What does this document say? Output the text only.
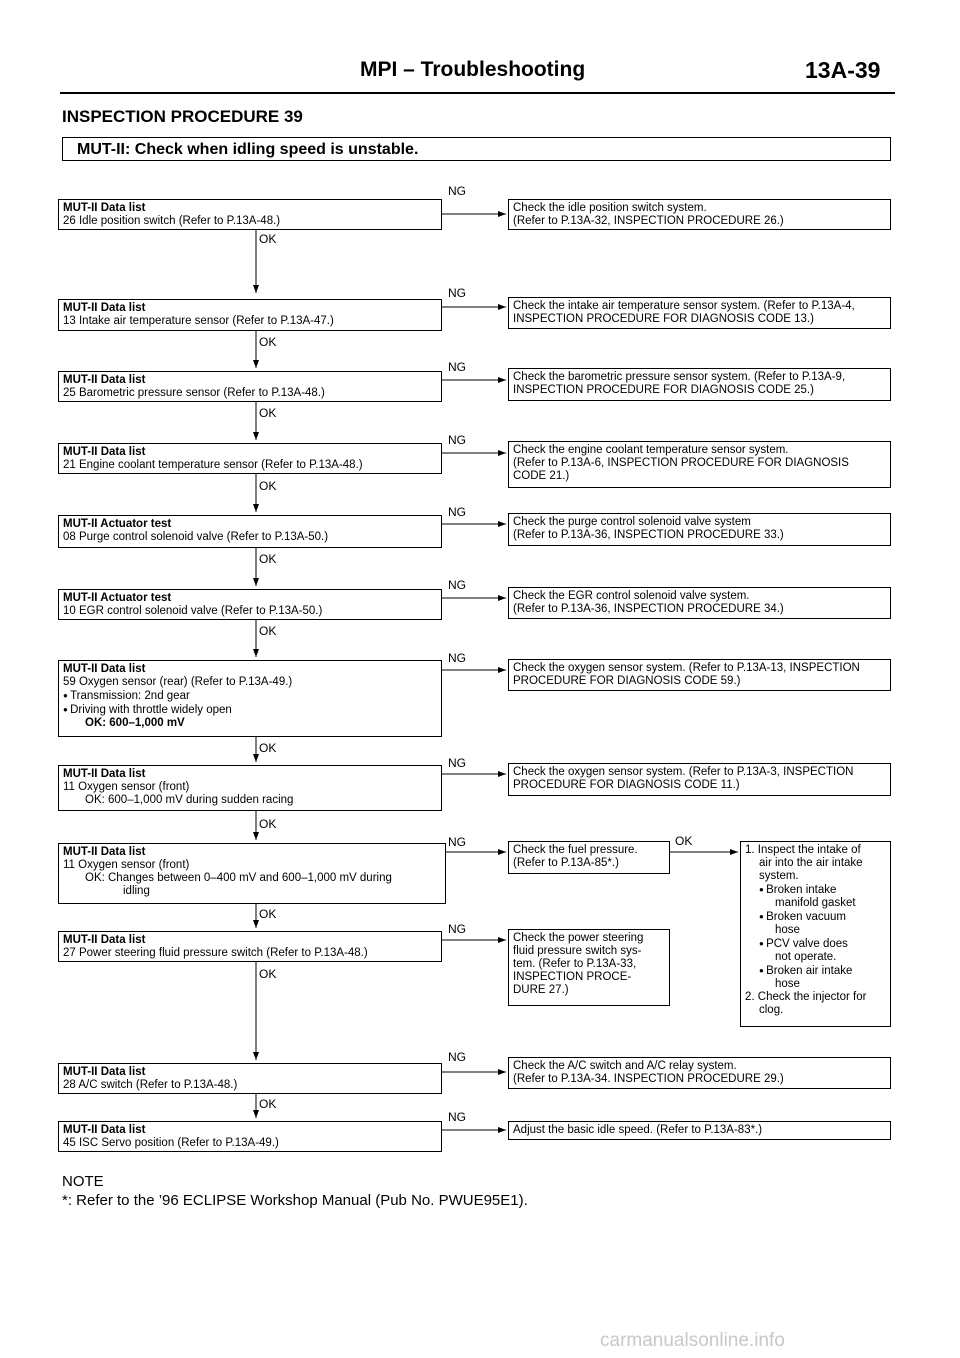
MPI – Troubleshooting	13A-39
INSPECTION PROCEDURE 39
MUT-II: Check when idling speed is unstable.
OK
OK
OK
OK
OK
OK
OK
OK
OK
OK
OK
OK
NG
NG
NG
NG
NG
NG
NG
NG
NG
NG
NG
NG
MUT-II Data list
26 Idle position switch (Refer to P.13A-48.)
MUT-II Data list
13 Intake air temperature sensor (Refer to P.13A-47.)
MUT-II Data list
25 Barometric pressure sensor (Refer to P.13A-48.)
MUT-II Data list
21 Engine coolant temperature sensor (Refer to P.13A-48.)
MUT-II Actuator test
08 Purge control solenoid valve (Refer to P.13A-50.)
MUT-II Actuator test
10 EGR control solenoid valve (Refer to P.13A-50.)
MUT-II Data list
59 Oxygen sensor (rear) (Refer to P.13A-49.)
● Transmission: 2nd gear
● Driving with throttle widely open
OK: 600–1,000 mV
MUT-II Data list
11 Oxygen sensor (front)
OK: 600–1,000 mV during sudden racing
MUT-II Data list
11 Oxygen sensor (front)
OK: Changes between 0–400 mV and 600–1,000 mV during
idling
MUT-II Data list
27 Power steering fluid pressure switch (Refer to P.13A-48.)
MUT-II Data list
28 A/C switch (Refer to P.13A-48.)
MUT-II Data list
45 ISC Servo position (Refer to P.13A-49.)
Check the idle position switch system.
(Refer to P.13A-32, INSPECTION PROCEDURE 26.)
Check the intake air temperature sensor system. (Refer to P.13A-4,
INSPECTION PROCEDURE FOR DIAGNOSIS CODE 13.)
Check the barometric pressure sensor system. (Refer to P.13A-9,
INSPECTION PROCEDURE FOR DIAGNOSIS CODE 25.)
Check the engine coolant temperature sensor system.
(Refer to P.13A-6, INSPECTION PROCEDURE FOR DIAGNOSIS
CODE 21.)
Check the purge control solenoid valve system
(Refer to P.13A-36, INSPECTION PROCEDURE 33.)
Check the EGR control solenoid valve system.
(Refer to P.13A-36, INSPECTION PROCEDURE 34.)
Check the oxygen sensor system. (Refer to P.13A-13, INSPECTION
PROCEDURE FOR DIAGNOSIS CODE 59.)
Check the oxygen sensor system. (Refer to P.13A-3, INSPECTION
PROCEDURE FOR DIAGNOSIS CODE 11.)
Check the fuel pressure.
(Refer to P.13A-85*.)
Check the power steering
fluid pressure switch sys-
tem. (Refer to P.13A-33,
INSPECTION PROCE-
DURE 27.)
1. Inspect the intake of
air into the air intake
system.
● Broken intake
manifold gasket
● Broken vacuum
hose
● PCV valve does
not operate.
● Broken air intake
hose
2. Check the injector for
clog.
Check the A/C switch and A/C relay system.
(Refer to P.13A-34. INSPECTION PROCEDURE 29.)
Adjust the basic idle speed. (Refer to P.13A-83*.)
NOTE
*: Refer to the ’96 ECLIPSE Workshop Manual (Pub No. PWUE95E1).
carmanualsonline.info
